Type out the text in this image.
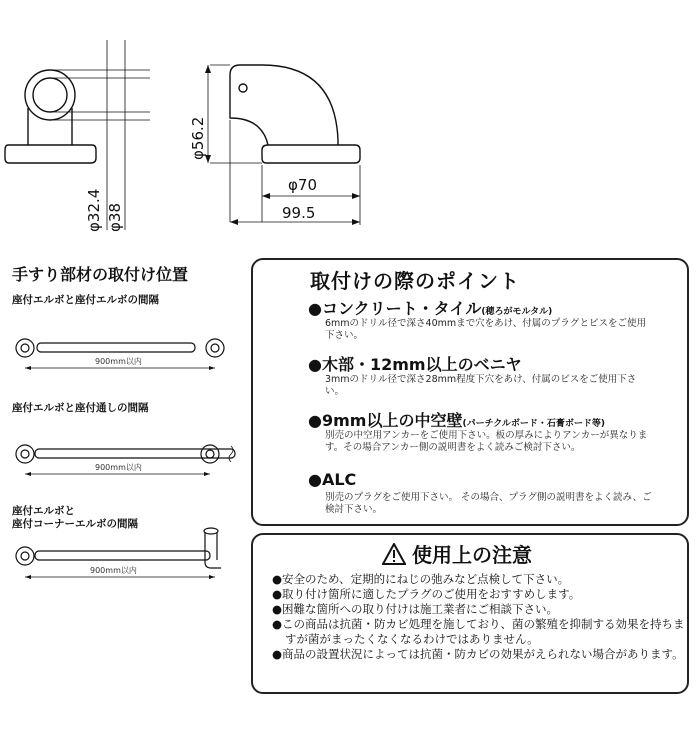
φ32.4 φ38
φ56.2
φ70
99.5
手すり部材の取付け位置
座付エルボと座付エルボの間隔
900mm以内
座付エルボと座付通しの間隔
900mm以内
座付エルボと
座付コーナーエルボの間隔
900mm以内
取付けの際のポイント
●コンクリート・タイル(穂ろがモルタル)
6mmのドリル径で深さ40mmまで穴をあけ、付属のプラグとビスをご使用下さい。
●木部・12mm以上のベニヤ
3mmのドリル径で深さ28mm程度下穴をあけ、付属のビスをご使用下さい。
●9mm以上の中空壁(パーチクルボード・石膏ボード等)
別売の中空用アンカーをご使用下さい。板の厚みによりアンカーが異なります。その場合アンカー側の説明書をよく読みご検討下さい。
●ALC
別売のプラグをご使用下さい。 その場合、プラグ側の説明書をよく読み、ご検討下さい。
使用上の注意
●安全のため、定期的にねじの弛みなど点検して下さい。
●取り付け箇所に適したプラグのご使用をおすすめします。
●困難な箇所への取り付けは施工業者にご相談下さい。
●この商品は抗菌・防カビ処理を施しており、菌の繁殖を抑制する効果を持ちますが菌がまったくなくなるわけではありません。
●商品の設置状況によっては抗菌・防カビの効果がえられない場合があります。
